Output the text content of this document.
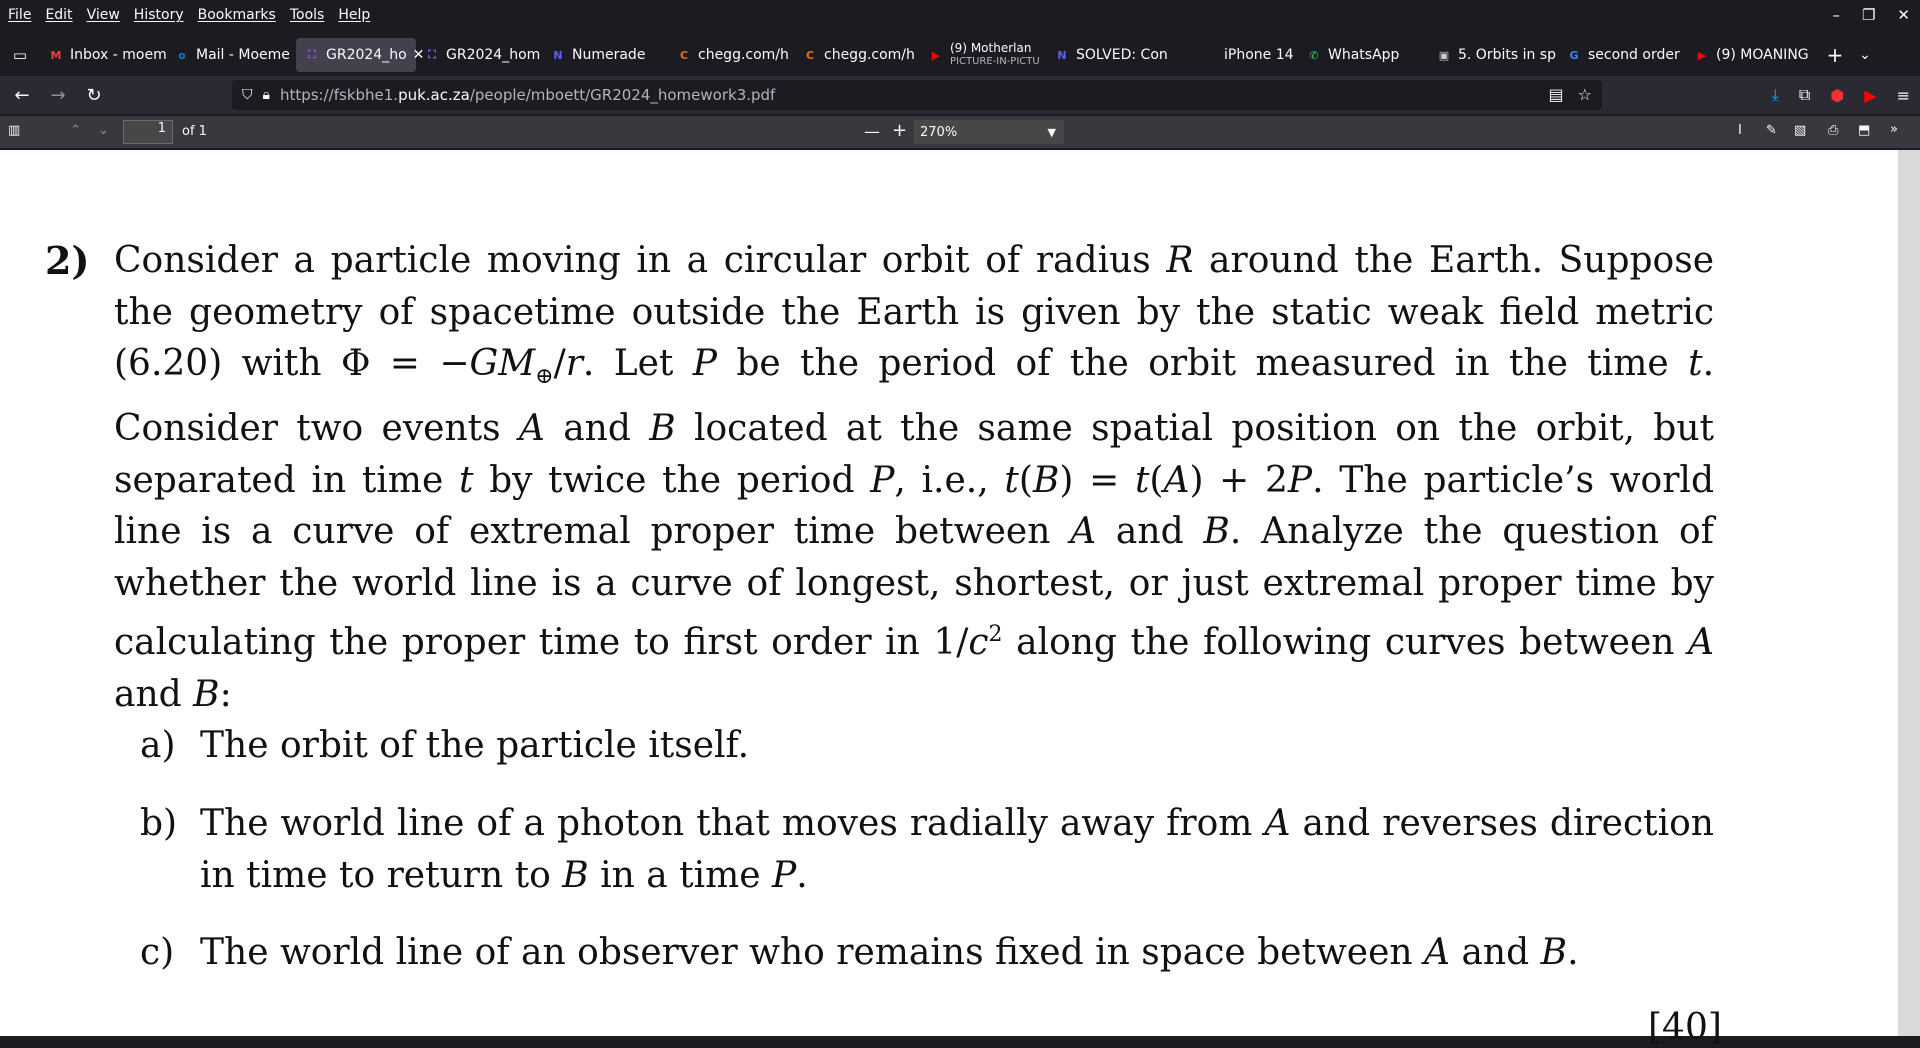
File Edit View History Bookmarks Tools Help	– ❐ ✕
▭	M Inbox - moem	o Mail - Moeme	⛶ GR2024_ho ✕ ⛶ GR2024_hom	N Numerade	C chegg.com/h	C chegg.com/h	▶ (9) Motherlan
PICTURE-IN-PICTU	N SOLVED: Con	iPhone 14	✆ WhatsApp	▣ 5. Orbits in sp	G second order	▶ (9) MOANING +	⌄
←	→	↻	⛉ 🔒︎ https://fskbhe1.puk.ac.za/people/mboett/GR2024_homework3.pdf	▤ ☆	⤓ ⧉ ⬢ ▶ ≡
▥	⌃ ⌄	1	of 1	— + 270%	▼	I ✎ ▧ ⎙ ⬒ »
2) Consider a particle moving in a circular orbit of radius R around the Earth. Suppose the geometry of spacetime outside the Earth is given by the static weak field metric (6.20) with $\Phi = -GM_\oplus/r$. Let P be the period of the orbit measured in the time t. Consider two events A and B located at the same spatial position on the orbit, but separated in time t by twice the period P, i.e., t(B) = t(A) + 2P. The particle’s world line is a curve of extremal proper time between A and B. Analyze the question of whether the world line is a curve of longest, shortest, or just extremal proper time by calculating the proper time to first order in $1/c^2$ along the following curves between A and B:
a) The orbit of the particle itself.
b) The world line of a photon that moves radially away from A and reverses direction in time to return to B in a time P.
c) The world line of an observer who remains fixed in space between A and B.
[40]
